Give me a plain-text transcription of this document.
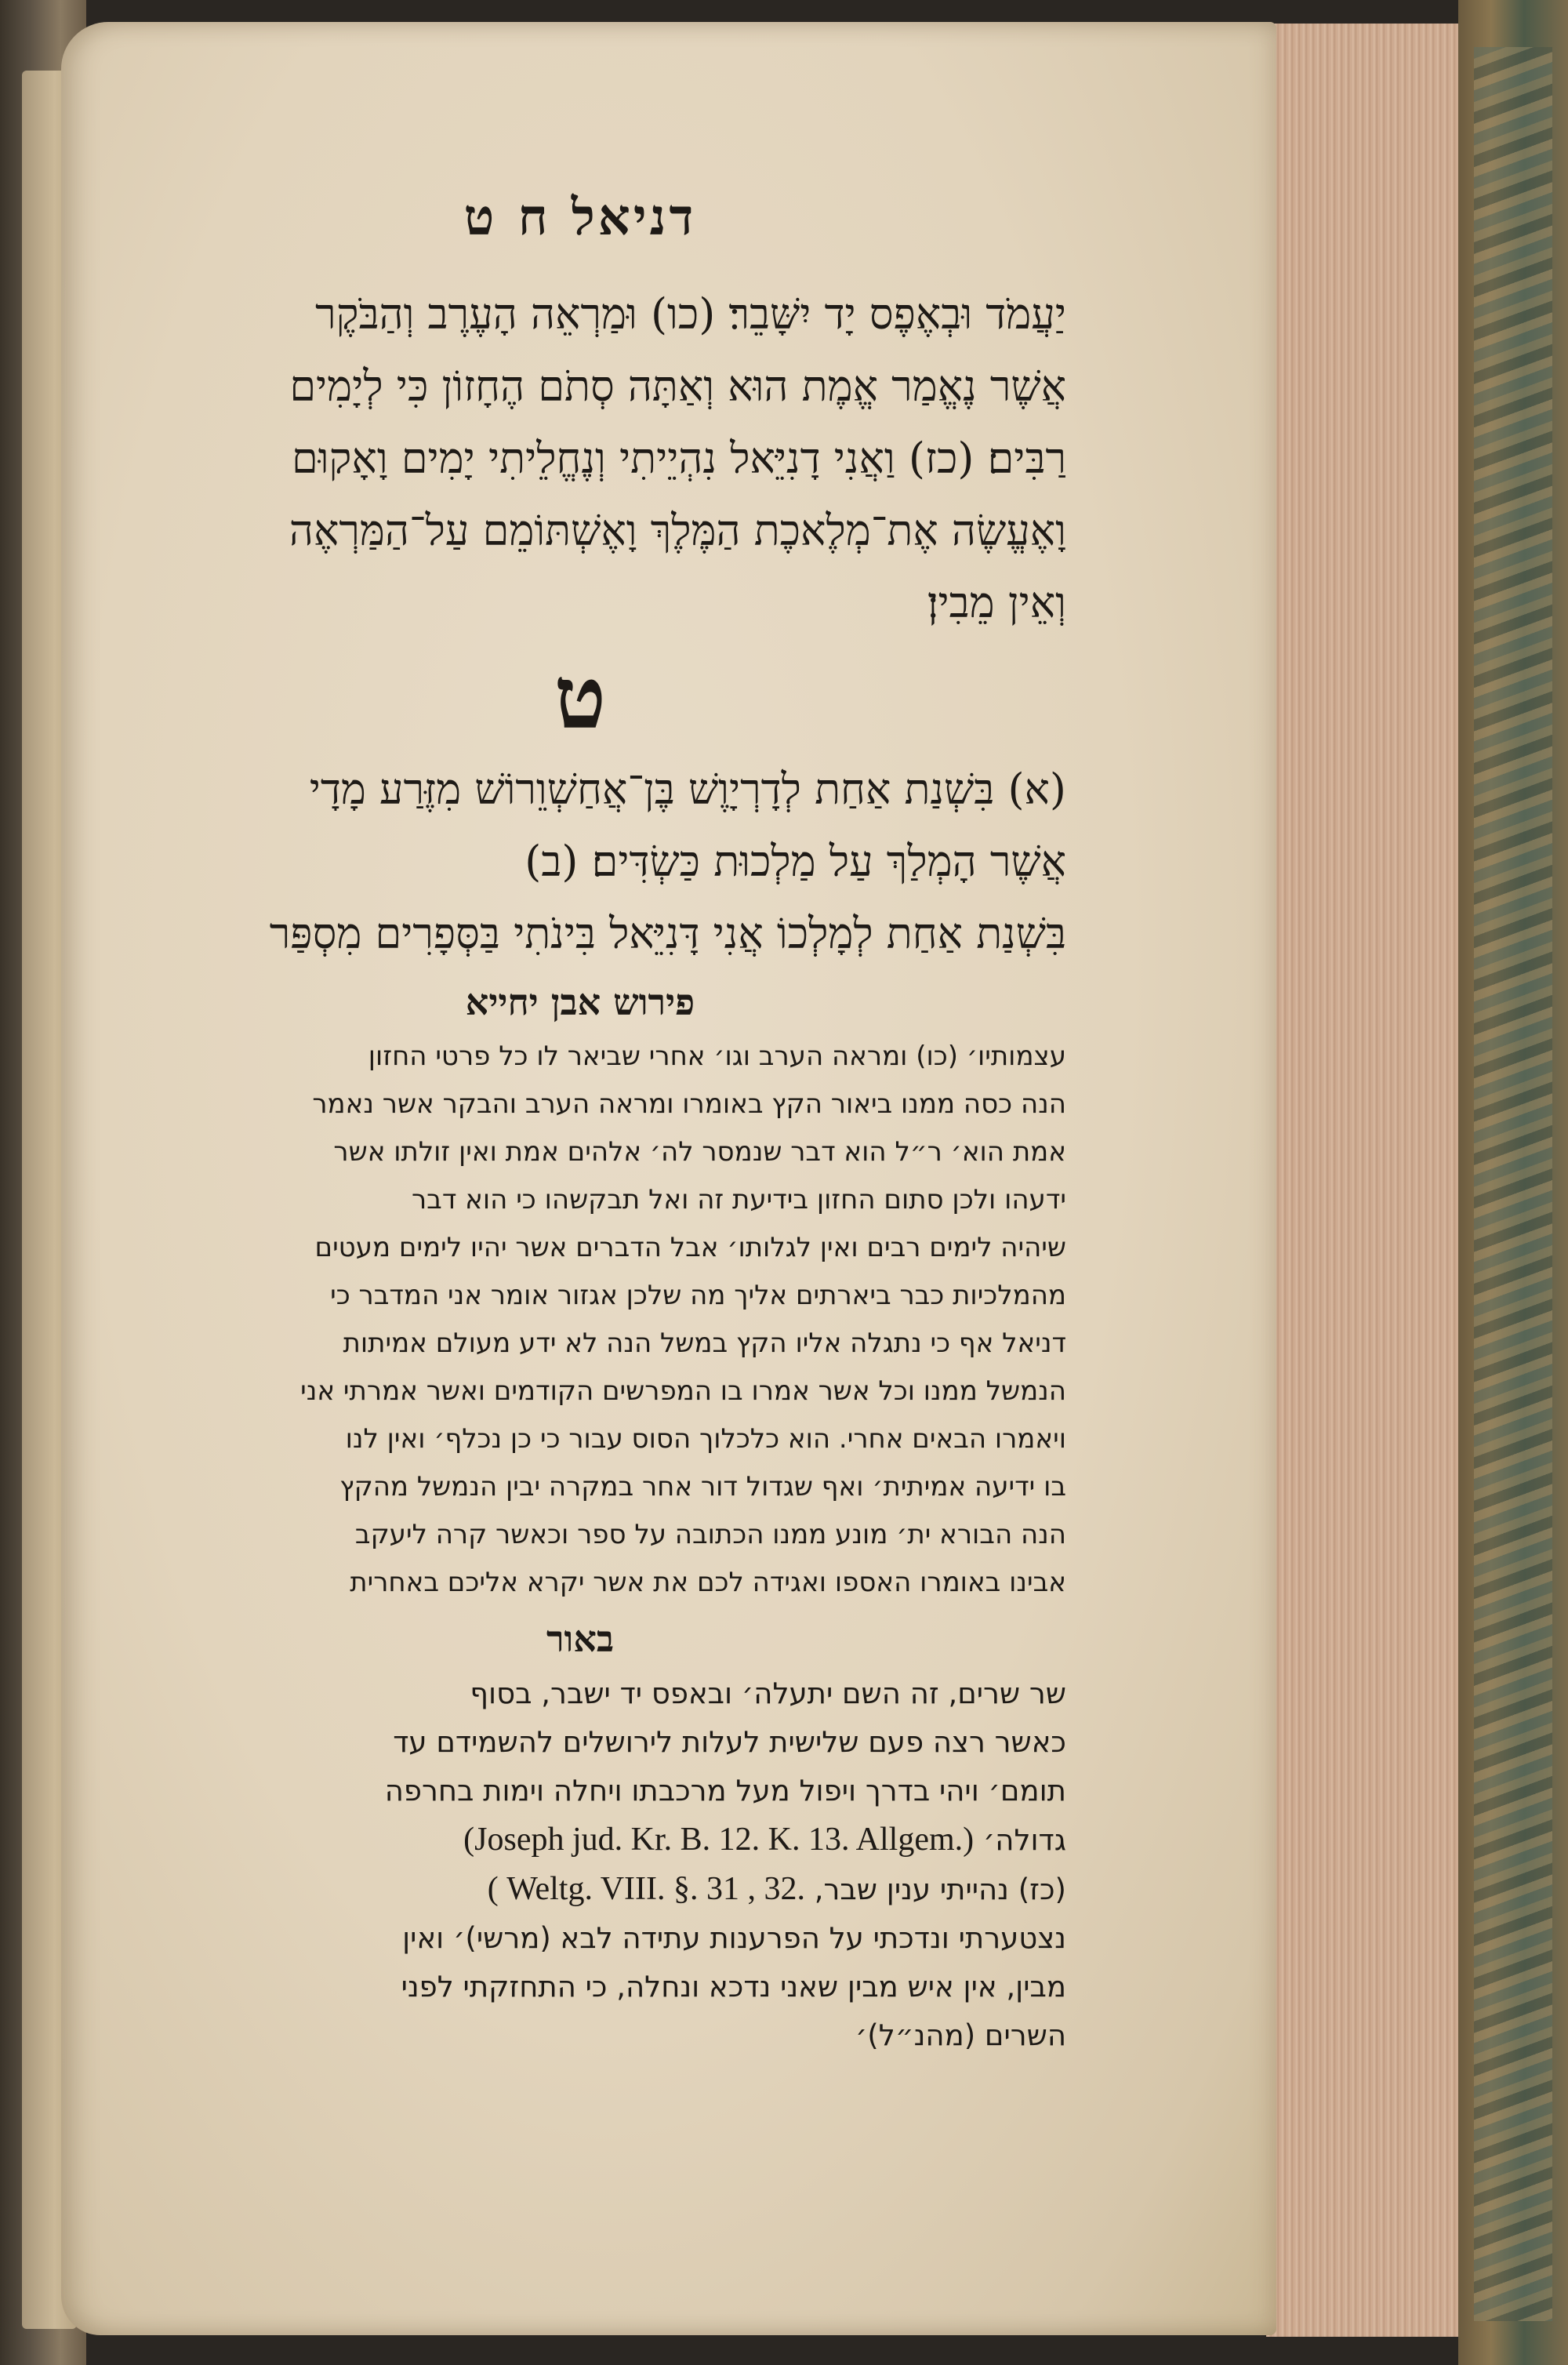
דניאל ח ט

יַעֲמֹד וּבְאֶפֶס יָד יִשָּׁבֵר׃ (כו) וּמַרְאֵה הָעֶרֶב וְהַבֹּקֶר

אֲשֶׁר נֶאֱמַר אֱמֶת הוּא וְאַתָּה סְתֹם הֶחָזוֹן כִּי לְיָמִים

רַבִּים׃ (כז) וַאֲנִי דָנִיֵּאל נִהְיֵיתִי וְנֶחֱלֵיתִי יָמִים וָאָקוּם

וָאֶעֱשֶׂה אֶת־מְלֶאכֶת הַמֶּלֶךְ וָאֶשְׁתּוֹמֵם עַל־הַמַּרְאֶה

וְאֵין מֵבִין׃

ט

(א) בִּשְׁנַת אַחַת לְדָרְיָוֶשׁ בֶּן־אֲחַשְׁוֵרוֹשׁ מִזֶּרַע מָדָי

אֲשֶׁר הָמְלַךְ עַל מַלְכוּת כַּשְׂדִּים׃ (ב)

בִּשְׁנַת אַחַת לְמָלְכוֹ אֲנִי דָּנִיֵּאל בִּינֹתִי בַּסְּפָרִים מִסְפַּר

פירוש אבן יחייא

עצמותיו׳ (כו) ומראה הערב וגו׳ אחרי שביאר לו כל פרטי החזון

הנה כסה ממנו ביאור הקץ באומרו ומראה הערב והבקר אשר נאמר

אמת הוא׳ ר״ל הוא דבר שנמסר לה׳ אלהים אמת ואין זולתו אשר

ידעהו ולכן סתום החזון בידיעת זה ואל תבקשהו כי הוא דבר

שיהיה לימים רבים ואין לגלותו׳ אבל הדברים אשר יהיו לימים מעטים

מהמלכיות כבר ביארתים אליך מה שלכן אגזור אומר אני המדבר כי

דניאל אף כי נתגלה אליו הקץ במשל הנה לא ידע מעולם אמיתות

הנמשל ממנו וכל אשר אמרו בו המפרשים הקודמים ואשר אמרתי אני

ויאמרו הבאים אחרי. הוא כלכלוך הסוס עבור כי כן נכלף׳ ואין לנו

בו ידיעה אמיתית׳ ואף שגדול דור אחר במקרה יבין הנמשל מהקץ

הנה הבורא ית׳ מונע ממנו הכתובה על ספר וכאשר קרה ליעקב

אבינו באומרו האספו ואגידה לכם את אשר יקרא אליכם באחרית

באור

שר שרים, זה השם יתעלה׳ ובאפס יד ישבר, בסוף

כאשר רצה פעם שלישית לעלות לירושלים להשמידם עד

תומם׳ ויהי בדרך ויפול מעל מרכבתו ויחלה וימות בחרפה

גדולה׳ (Joseph jud. Kr. B. 12. K. 13. Allgem.)

(כז) נהייתי ענין שבר, ( Weltg. VIII. §. 31 , 32.

נצטערתי ונדכתי על הפרענות עתידה לבא (מרשי)׳ ואין

מבין, אין איש מבין שאני נדכא ונחלה, כי התחזקתי לפני

השרים (מהנ״ל)׳
